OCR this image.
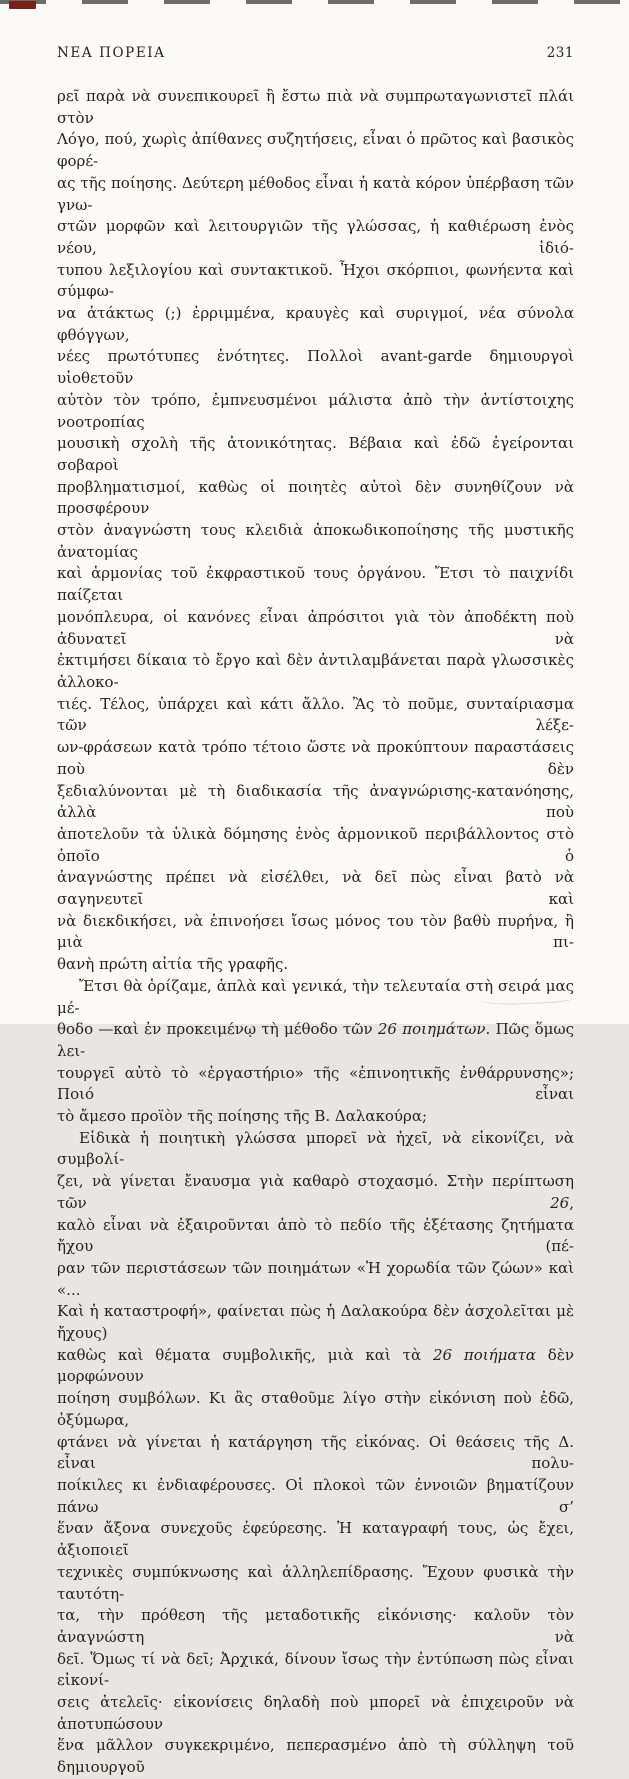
ΝΕΑ ΠΟΡΕΙΑ	231
ρεῖ παρὰ νὰ συνεπικουρεῖ ἢ ἔστω πιὰ νὰ συμπρωταγωνιστεῖ πλάι στὸν
Λόγο, πού, χωρὶς ἀπίθανες συζητήσεις, εἶναι ὁ πρῶτος καὶ βασικὸς φορέ-
ας τῆς ποίησης. Δεύτερη μέθοδος εἶναι ἡ κατὰ κόρον ὑπέρβαση τῶν γνω-
στῶν μορφῶν καὶ λειτουργιῶν τῆς γλώσσας, ἡ καθιέρωση ἑνὸς νέου, ἰδιό-
τυπου λεξιλογίου καὶ συντακτικοῦ. Ἦχοι σκόρπιοι, φωνήεντα καὶ σύμφω-
να ἀτάκτως (;) ἐρριμμένα, κραυγὲς καὶ συριγμοί, νέα σύνολα φθόγγων,
νέες πρωτότυπες ἑνότητες. Πολλοὶ avant-garde δημιουργοὶ υἱοθετοῦν
αὐτὸν τὸν τρόπο, ἐμπνευσμένοι μάλιστα ἀπὸ τὴν ἀντίστοιχης νοοτροπίας
μουσικὴ σχολὴ τῆς ἀτονικότητας. Βέβαια καὶ ἐδῶ ἐγείρονται σοβαροὶ
προβληματισμοί, καθὼς οἱ ποιητὲς αὐτοὶ δὲν συνηθίζουν νὰ προσφέρουν
στὸν ἀναγνώστη τους κλειδιὰ ἀποκωδικοποίησης τῆς μυστικῆς ἀνατομίας
καὶ ἁρμονίας τοῦ ἐκφραστικοῦ τους ὀργάνου. Ἔτσι τὸ παιχνίδι παίζεται
μονόπλευρα, οἱ κανόνες εἶναι ἀπρόσιτοι γιὰ τὸν ἀποδέκτη ποὺ ἀδυνατεῖ νὰ
ἐκτιμήσει δίκαια τὸ ἔργο καὶ δὲν ἀντιλαμβάνεται παρὰ γλωσσικὲς ἀλλοκο-
τιές. Τέλος, ὑπάρχει καὶ κάτι ἄλλο. Ἂς τὸ ποῦμε, συνταίριασμα τῶν λέξε-
ων-φράσεων κατὰ τρόπο τέτοιο ὥστε νὰ προκύπτουν παραστάσεις ποὺ δὲν
ξεδιαλύνονται μὲ τὴ διαδικασία τῆς ἀναγνώρισης-κατανόησης, ἀλλὰ ποὺ
ἀποτελοῦν τὰ ὑλικὰ δόμησης ἑνὸς ἁρμονικοῦ περιβάλλοντος στὸ ὁποῖο ὁ
ἀναγνώστης πρέπει νὰ εἰσέλθει, νὰ δεῖ πὼς εἶναι βατὸ νὰ σαγηνευτεῖ καὶ
νὰ διεκδικήσει, νὰ ἐπινοήσει ἴσως μόνος του τὸν βαθὺ πυρήνα, ἢ μιὰ πι-
θανὴ πρώτη αἰτία τῆς γραφῆς.
Ἔτσι θὰ ὁρίζαμε, ἁπλὰ καὶ γενικά, τὴν τελευταία στὴ σειρά μας μέ-
θοδο —καὶ ἐν προκειμένῳ τὴ μέθοδο τῶν 26 ποιημάτων. Πῶς ὅμως λει-
τουργεῖ αὐτὸ τὸ «ἐργαστήριο» τῆς «ἐπινοητικῆς ἐνθάρρυνσης»; Ποιό εἶναι
τὸ ἄμεσο προϊὸν τῆς ποίησης τῆς Β. Δαλακούρα;
Εἰδικὰ ἡ ποιητικὴ γλώσσα μπορεῖ νὰ ἠχεῖ, νὰ εἰκονίζει, νὰ συμβολί-
ζει, νὰ γίνεται ἔναυσμα γιὰ καθαρὸ στοχασμό. Στὴν περίπτωση τῶν 26,
καλὸ εἶναι νὰ ἐξαιροῦνται ἀπὸ τὸ πεδίο τῆς ἐξέτασης ζητήματα ἤχου (πέ-
ραν τῶν περιστάσεων τῶν ποιημάτων «Ἡ χορωδία τῶν ζώων» καὶ «...
Καὶ ἡ καταστροφή», φαίνεται πὼς ἡ Δαλακούρα δὲν ἀσχολεῖται μὲ ἤχους)
καθὼς καὶ θέματα συμβολικῆς, μιὰ καὶ τὰ 26 ποιήματα δὲν μορφώνουν
ποίηση συμβόλων. Κι ἂς σταθοῦμε λίγο στὴν εἰκόνιση ποὺ ἐδῶ, ὀξύμωρα,
φτάνει νὰ γίνεται ἡ κατάργηση τῆς εἰκόνας. Οἱ θεάσεις τῆς Δ. εἶναι πολυ-
ποίκιλες κι ἐνδιαφέρουσες. Οἱ πλοκοὶ τῶν ἐννοιῶν βηματίζουν πάνω σ’
ἕναν ἄξονα συνεχοῦς ἐφεύρεσης. Ἡ καταγραφή τους, ὡς ἔχει, ἀξιοποιεῖ
τεχνικὲς συμπύκνωσης καὶ ἀλληλεπίδρασης. Ἔχουν φυσικὰ τὴν ταυτότη-
τα, τὴν πρόθεση τῆς μεταδοτικῆς εἰκόνισης· καλοῦν τὸν ἀναγνώστη νὰ
δεῖ. Ὅμως τί νὰ δεῖ; Ἀρχικά, δίνουν ἴσως τὴν ἐντύπωση πὼς εἶναι εἰκονί-
σεις ἀτελεῖς· εἰκονίσεις δηλαδὴ ποὺ μπορεῖ νὰ ἐπιχειροῦν νὰ ἀποτυπώσουν
ἕνα μᾶλλον συγκεκριμένο, πεπερασμένο ἀπὸ τὴ σύλληψη τοῦ δημιουργοῦ
